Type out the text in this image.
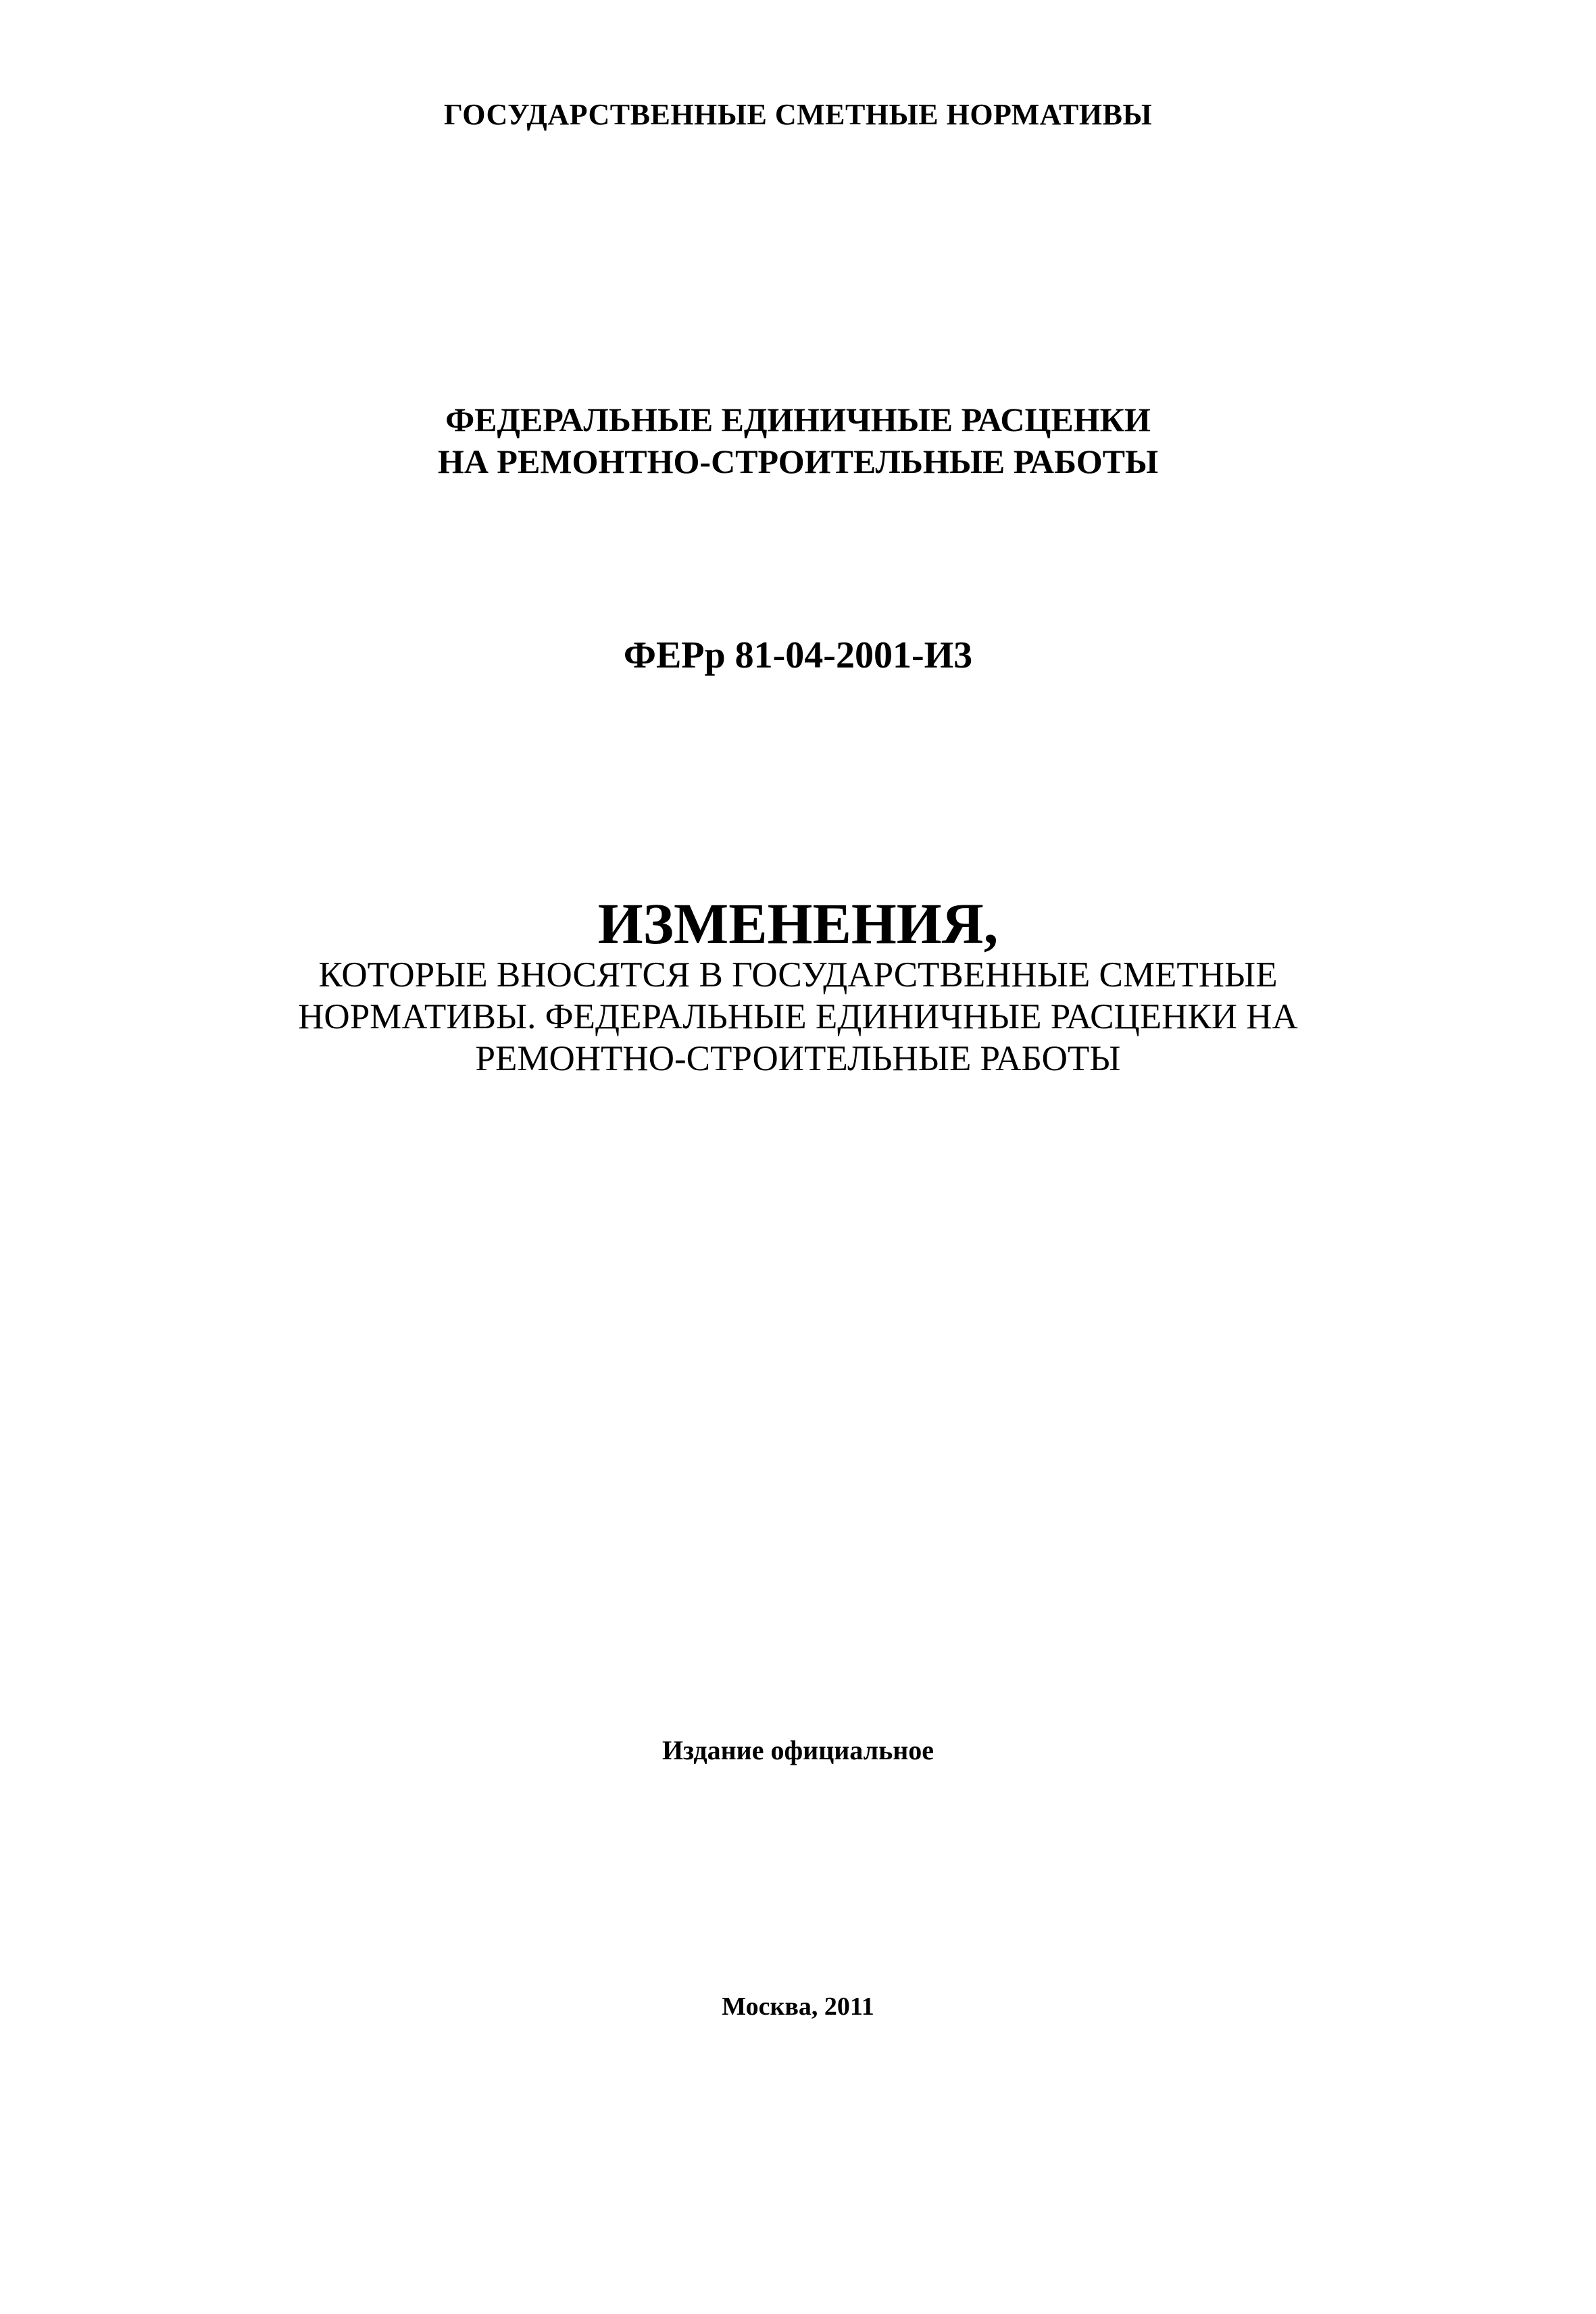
ГОСУДАРСТВЕННЫЕ СМЕТНЫЕ НОРМАТИВЫ
ФЕДЕРАЛЬНЫЕ ЕДИНИЧНЫЕ РАСЦЕНКИ
НА РЕМОНТНО-СТРОИТЕЛЬНЫЕ РАБОТЫ
ФЕРр 81-04-2001-И3
ИЗМЕНЕНИЯ,
КОТОРЫЕ ВНОСЯТСЯ В ГОСУДАРСТВЕННЫЕ СМЕТНЫЕ
НОРМАТИВЫ. ФЕДЕРАЛЬНЫЕ ЕДИНИЧНЫЕ РАСЦЕНКИ НА
РЕМОНТНО-СТРОИТЕЛЬНЫЕ РАБОТЫ
Издание официальное
Москва, 2011
